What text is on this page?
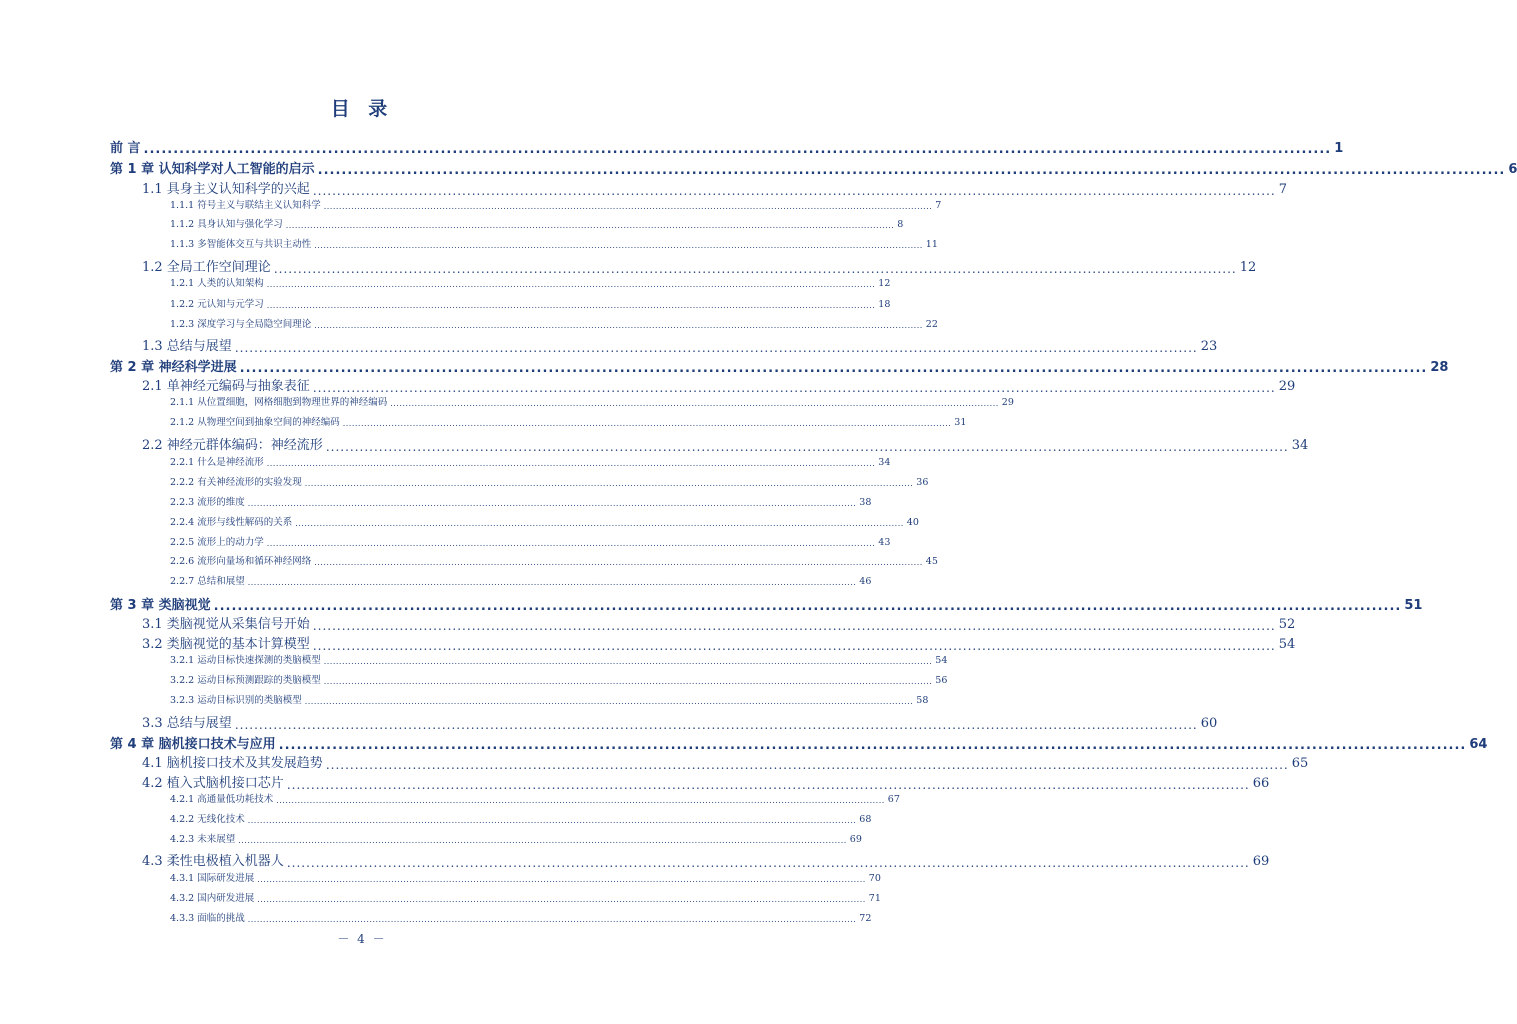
目 录
前 言 ........................................................................................................................................................................................................ 1
第 1 章 认知科学对人工智能的启示 ........................................................................................................................................................................................................ 6
1.1 具身主义认知科学的兴起 ........................................................................................................................................................................................................ 7
1.1.1 符号主义与联结主义认知科学 ........................................................................................................................................................................................................ 7
1.1.2 具身认知与强化学习 ........................................................................................................................................................................................................ 8
1.1.3 多智能体交互与共识主动性 ........................................................................................................................................................................................................ 11
1.2 全局工作空间理论 ........................................................................................................................................................................................................ 12
1.2.1 人类的认知架构 ........................................................................................................................................................................................................ 12
1.2.2 元认知与元学习 ........................................................................................................................................................................................................ 18
1.2.3 深度学习与全局隐空间理论 ........................................................................................................................................................................................................ 22
1.3 总结与展望 ........................................................................................................................................................................................................ 23
第 2 章 神经科学进展 ........................................................................................................................................................................................................ 28
2.1 单神经元编码与抽象表征 ........................................................................................................................................................................................................ 29
2.1.1 从位置细胞，网格细胞到物理世界的神经编码 ........................................................................................................................................................................................................ 29
2.1.2 从物理空间到抽象空间的神经编码 ........................................................................................................................................................................................................ 31
2.2 神经元群体编码：神经流形 ........................................................................................................................................................................................................ 34
2.2.1 什么是神经流形 ........................................................................................................................................................................................................ 34
2.2.2 有关神经流形的实验发现 ........................................................................................................................................................................................................ 36
2.2.3 流形的维度 ........................................................................................................................................................................................................ 38
2.2.4 流形与线性解码的关系 ........................................................................................................................................................................................................ 40
2.2.5 流形上的动力学 ........................................................................................................................................................................................................ 43
2.2.6 流形向量场和循环神经网络 ........................................................................................................................................................................................................ 45
2.2.7 总结和展望 ........................................................................................................................................................................................................ 46
第 3 章 类脑视觉 ........................................................................................................................................................................................................ 51
3.1 类脑视觉从采集信号开始 ........................................................................................................................................................................................................ 52
3.2 类脑视觉的基本计算模型 ........................................................................................................................................................................................................ 54
3.2.1 运动目标快速探测的类脑模型 ........................................................................................................................................................................................................ 54
3.2.2 运动目标预测跟踪的类脑模型 ........................................................................................................................................................................................................ 56
3.2.3 运动目标识别的类脑模型 ........................................................................................................................................................................................................ 58
3.3 总结与展望 ........................................................................................................................................................................................................ 60
第 4 章 脑机接口技术与应用 ........................................................................................................................................................................................................ 64
4.1 脑机接口技术及其发展趋势 ........................................................................................................................................................................................................ 65
4.2 植入式脑机接口芯片 ........................................................................................................................................................................................................ 66
4.2.1 高通量低功耗技术 ........................................................................................................................................................................................................ 67
4.2.2 无线化技术 ........................................................................................................................................................................................................ 68
4.2.3 未来展望 ........................................................................................................................................................................................................ 69
4.3 柔性电极植入机器人 ........................................................................................................................................................................................................ 69
4.3.1 国际研发进展 ........................................................................................................................................................................................................ 70
4.3.2 国内研发进展 ........................................................................................................................................................................................................ 71
4.3.3 面临的挑战 ........................................................................................................................................................................................................ 72
－ 4 －
